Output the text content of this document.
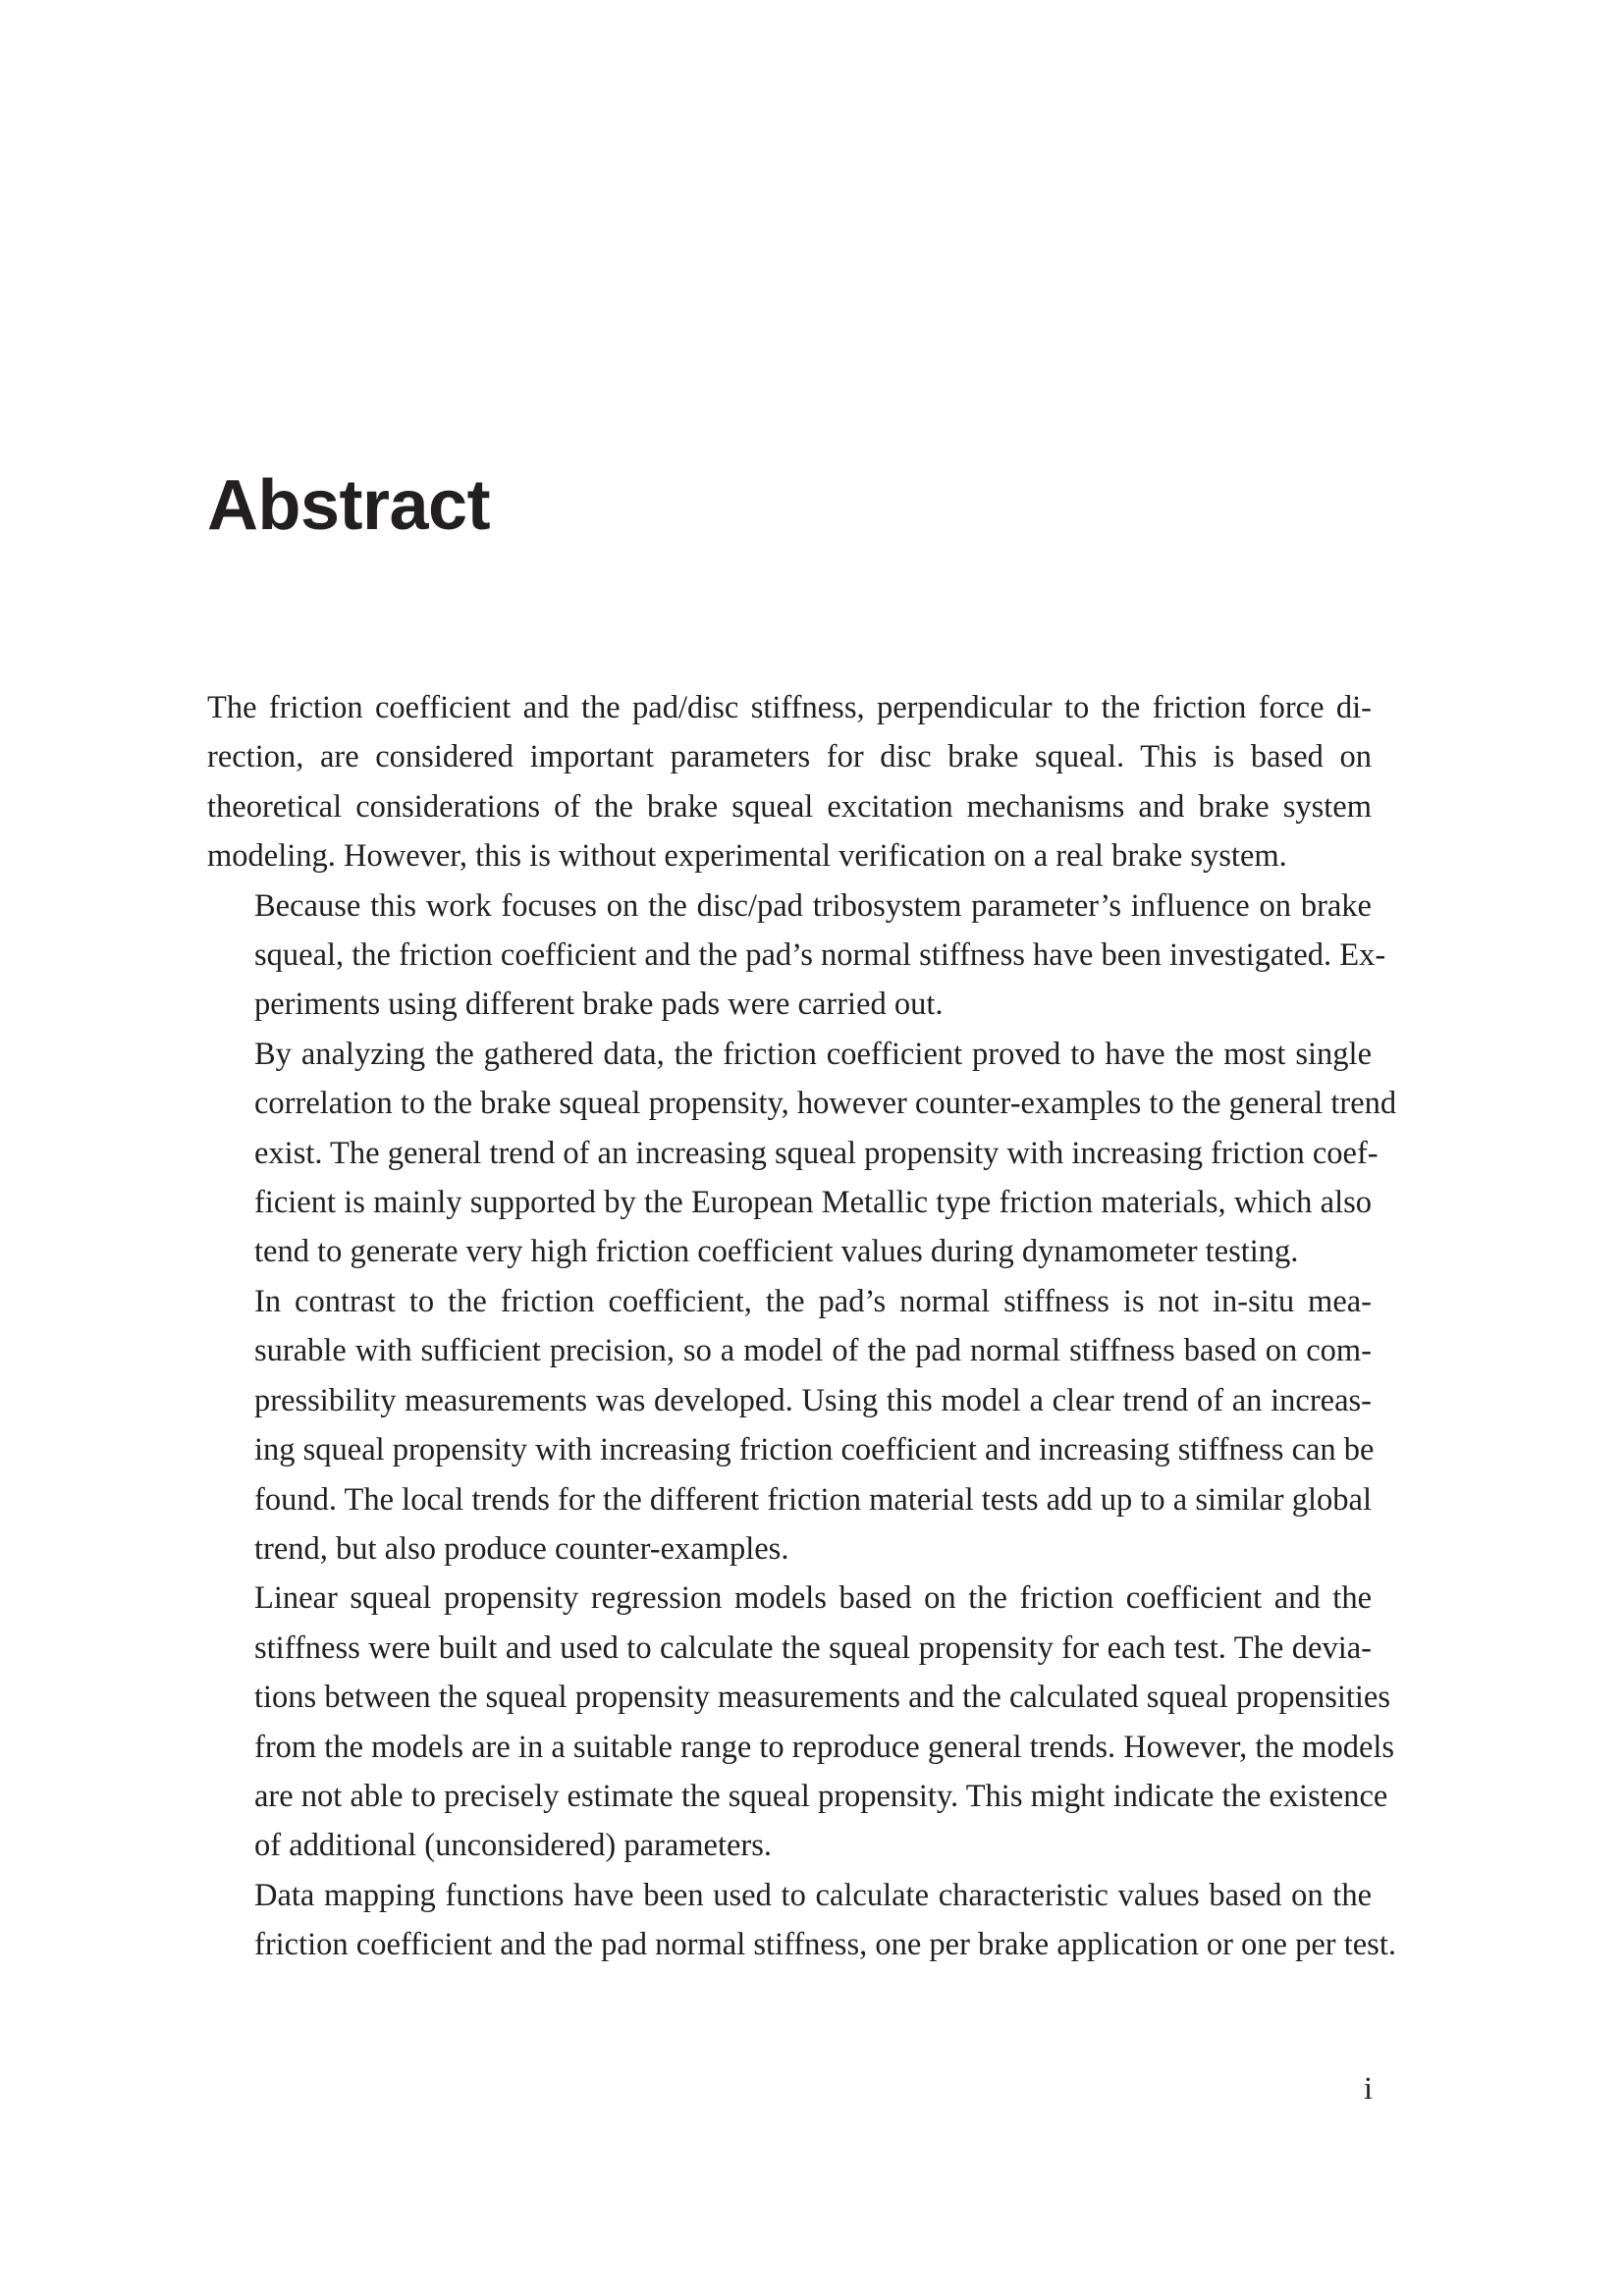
Abstract

The friction coefficient and the pad/disc stiffness, perpendicular to the friction force di-
rection, are considered important parameters for disc brake squeal. This is based on
theoretical considerations of the brake squeal excitation mechanisms and brake system
modeling. However, this is without experimental verification on a real brake system.

Because this work focuses on the disc/pad tribosystem parameter’s influence on brake
squeal, the friction coefficient and the pad’s normal stiffness have been investigated. Ex-
periments using different brake pads were carried out.

By analyzing the gathered data, the friction coefficient proved to have the most single
correlation to the brake squeal propensity, however counter-examples to the general trend
exist. The general trend of an increasing squeal propensity with increasing friction coef-
ficient is mainly supported by the European Metallic type friction materials, which also
tend to generate very high friction coefficient values during dynamometer testing.

In contrast to the friction coefficient, the pad’s normal stiffness is not in-situ mea-
surable with sufficient precision, so a model of the pad normal stiffness based on com-
pressibility measurements was developed. Using this model a clear trend of an increas-
ing squeal propensity with increasing friction coefficient and increasing stiffness can be
found. The local trends for the different friction material tests add up to a similar global
trend, but also produce counter-examples.

Linear squeal propensity regression models based on the friction coefficient and the
stiffness were built and used to calculate the squeal propensity for each test. The devia-
tions between the squeal propensity measurements and the calculated squeal propensities
from the models are in a suitable range to reproduce general trends. However, the models
are not able to precisely estimate the squeal propensity. This might indicate the existence
of additional (unconsidered) parameters.

Data mapping functions have been used to calculate characteristic values based on the
friction coefficient and the pad normal stiffness, one per brake application or one per test.

i
